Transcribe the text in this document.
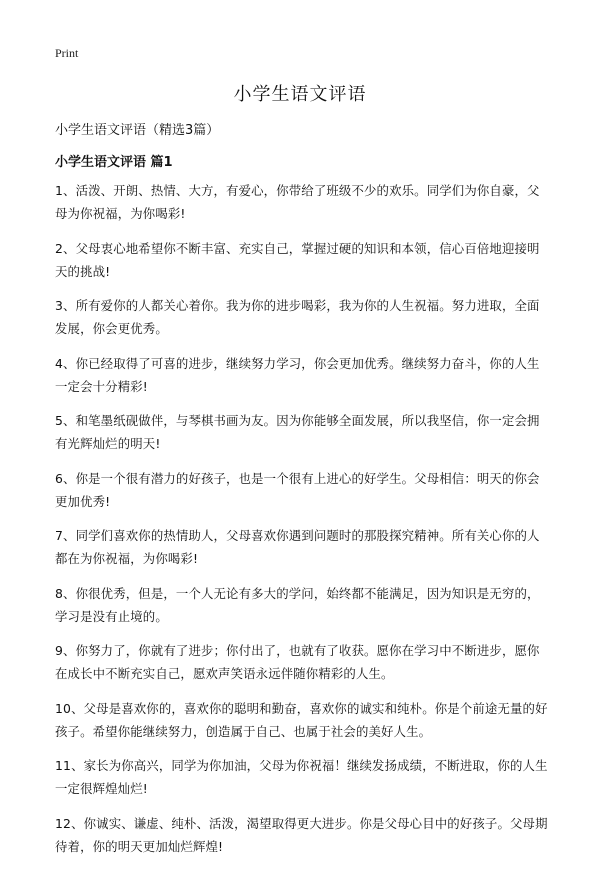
Print
小学生语文评语

小学生语文评语（精选3篇）

小学生语文评语 篇1
1、活泼、开朗、热情、大方，有爱心，你带给了班级不少的欢乐。同学们为你自豪，父母为你祝福，为你喝彩!
2、父母衷心地希望你不断丰富、充实自己，掌握过硬的知识和本领，信心百倍地迎接明天的挑战!
3、所有爱你的人都关心着你。我为你的进步喝彩，我为你的人生祝福。努力进取，全面发展，你会更优秀。
4、你已经取得了可喜的进步，继续努力学习，你会更加优秀。继续努力奋斗，你的人生一定会十分精彩!
5、和笔墨纸砚做伴，与琴棋书画为友。因为你能够全面发展，所以我坚信，你一定会拥有光辉灿烂的明天!
6、你是一个很有潜力的好孩子，也是一个很有上进心的好学生。父母相信：明天的你会更加优秀!
7、同学们喜欢你的热情助人，父母喜欢你遇到问题时的那股探究精神。所有关心你的人都在为你祝福，为你喝彩!
8、你很优秀，但是，一个人无论有多大的学问，始终都不能满足，因为知识是无穷的，学习是没有止境的。
9、你努力了，你就有了进步；你付出了，也就有了收获。愿你在学习中不断进步，愿你在成长中不断充实自己，愿欢声笑语永远伴随你精彩的人生。
10、父母是喜欢你的，喜欢你的聪明和勤奋，喜欢你的诚实和纯朴。你是个前途无量的好孩子。希望你能继续努力，创造属于自己、也属于社会的美好人生。
11、家长为你高兴，同学为你加油，父母为你祝福！继续发扬成绩，不断进取，你的人生一定很辉煌灿烂!
12、你诚实、谦虚、纯朴、活泼，渴望取得更大进步。你是父母心目中的好孩子。父母期待着，你的明天更加灿烂辉煌!
